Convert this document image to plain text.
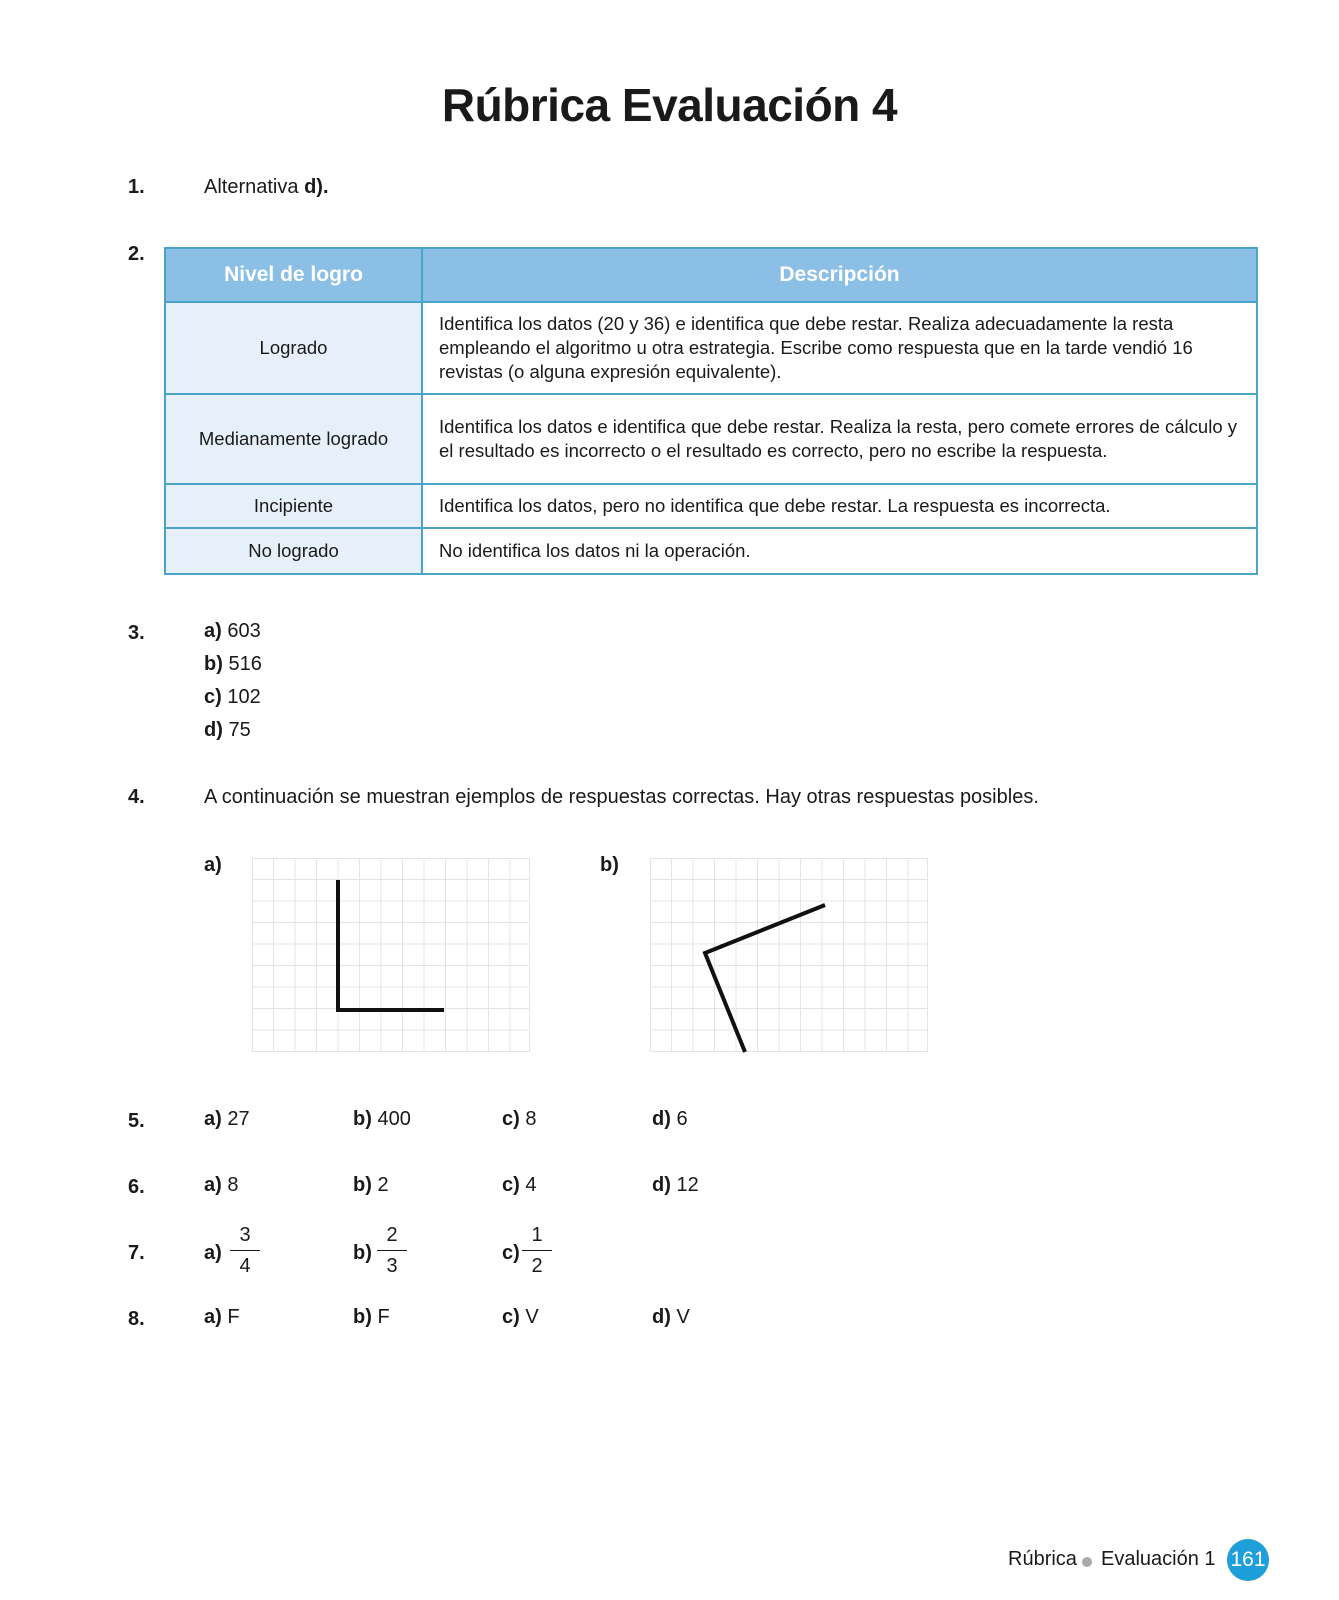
Rúbrica Evaluación 4
1.	Alternativa d).
2.
Nivel de logro	Descripción
Logrado	Identifica los datos (20 y 36) e identifica que debe restar. Realiza adecuadamente la resta empleando el algoritmo u otra estrategia. Escribe como respuesta que en la tarde vendió 16 revistas (o alguna expresión equivalente).
Medianamente logrado	Identifica los datos e identifica que debe restar. Realiza la resta, pero comete errores de cálculo y el resultado es incorrecto o el resultado es correcto, pero no escribe la respuesta.
Incipiente	Identifica los datos, pero no identifica que debe restar. La respuesta es incorrecta.
No logrado	No identifica los datos ni la operación.
3.	a) 603
b) 516
c) 102
d) 75
4.	A continuación se muestran ejemplos de respuestas correctas. Hay otras respuestas posibles.
a)	b)
5.	a) 27	b) 400	c) 8	d) 6
6.	a) 8	b) 2	c) 4	d) 12
7.	a)
3
4
b)
2
3
c)
1
2
8.	a) F	b) F	c) V	d) V
Rúbrica Evaluación 1 161
